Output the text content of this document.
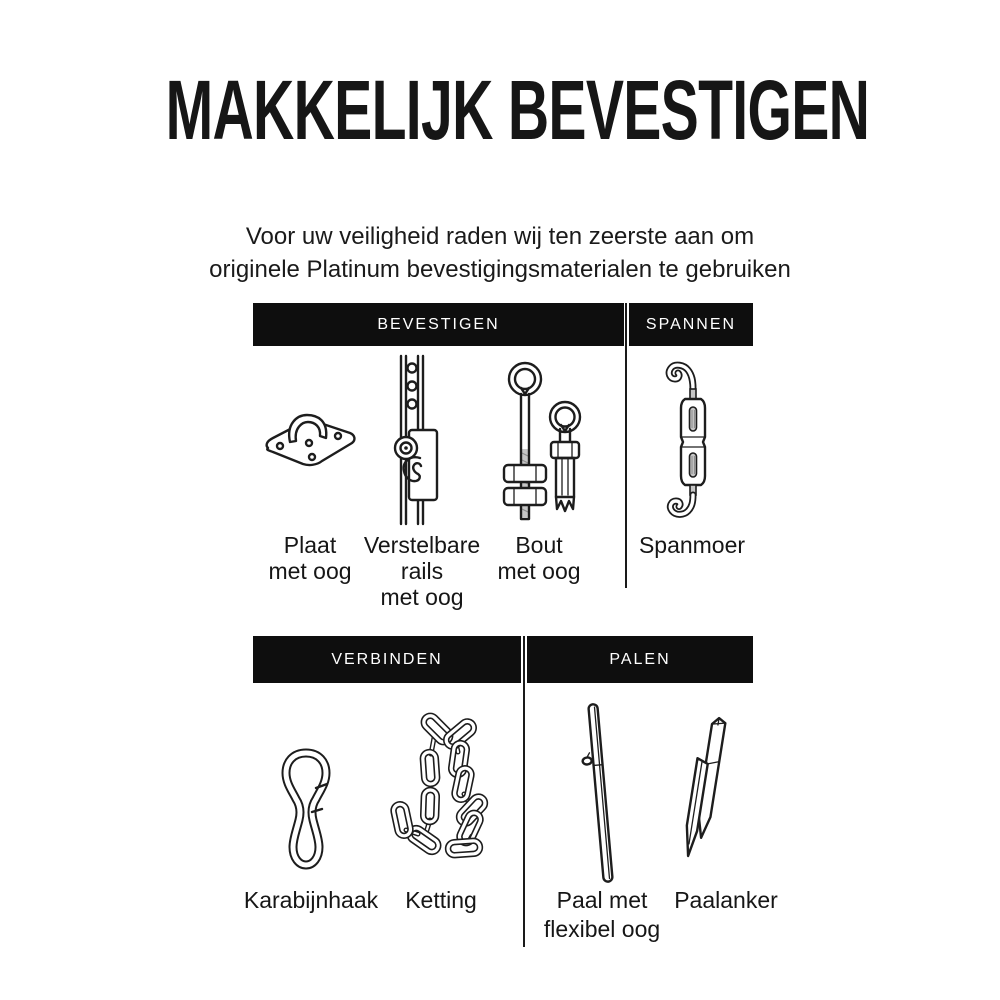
MAKKELIJK BEVESTIGEN
Voor uw veiligheid raden wij ten zeerste aan om
originele Platinum bevestigingsmaterialen te gebruiken
BEVESTIGEN	SPANNEN
Plaat
met oog
Verstelbare
rails
met oog
Bout
met oog
Spanmoer
VERBINDEN	PALEN
Karabijnhaak	Ketting	Paal met
flexibel oog
Paalanker
